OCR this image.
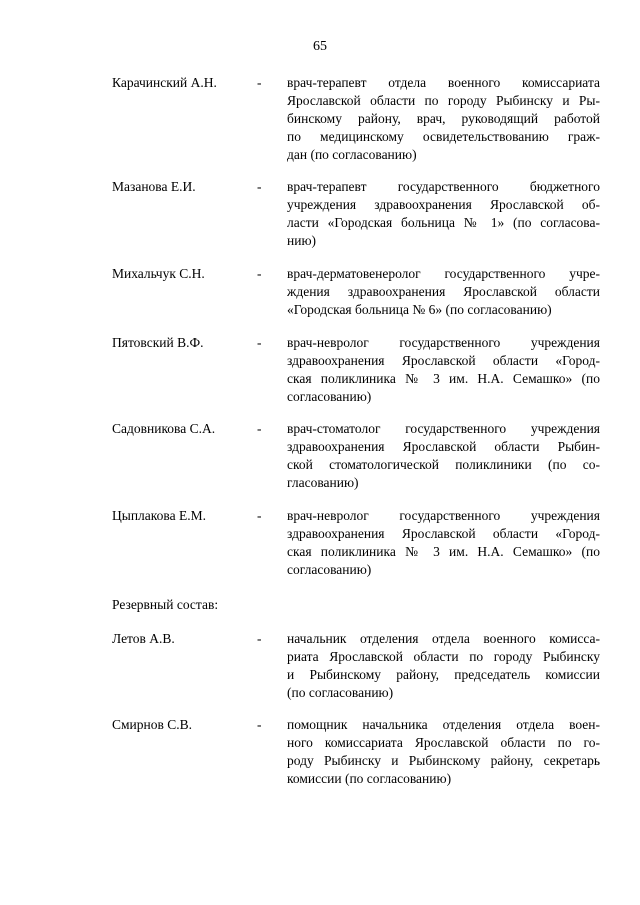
65
Карачинский А.Н.	- врач-терапевт отдела военного комиссариата
Ярославской области по городу Рыбинску и Ры-
бинскому району, врач, руководящий работой
по медицинскому освидетельствованию граж-
дан (по согласованию)

Мазанова Е.И.	- врач-терапевт государственного бюджетного
учреждения здравоохранения Ярославской об-
ласти «Городская больница № 1» (по согласова-
нию)

Михальчук С.Н.	- врач-дерматовенеролог государственного учре-
ждения здравоохранения Ярославской области
«Городская больница № 6» (по согласованию)

Пятовский В.Ф.	- врач-невролог государственного учреждения
здравоохранения Ярославской области «Город-
ская поликлиника № 3 им. Н.А. Семашко» (по
согласованию)

Садовникова С.А.	- врач-стоматолог государственного учреждения
здравоохранения Ярославской области Рыбин-
ской стоматологической поликлиники (по со-
гласованию)

Цыплакова Е.М.	- врач-невролог государственного учреждения
здравоохранения Ярославской области «Город-
ская поликлиника № 3 им. Н.А. Семашко» (по
согласованию)

Резервный состав:
Летов А.В.	- начальник отделения отдела военного комисса-
риата Ярославской области по городу Рыбинску
и Рыбинскому району, председатель комиссии
(по согласованию)

Смирнов С.В.	- помощник начальника отделения отдела воен-
ного комиссариата Ярославской области по го-
роду Рыбинску и Рыбинскому району, секретарь
комиссии (по согласованию)
